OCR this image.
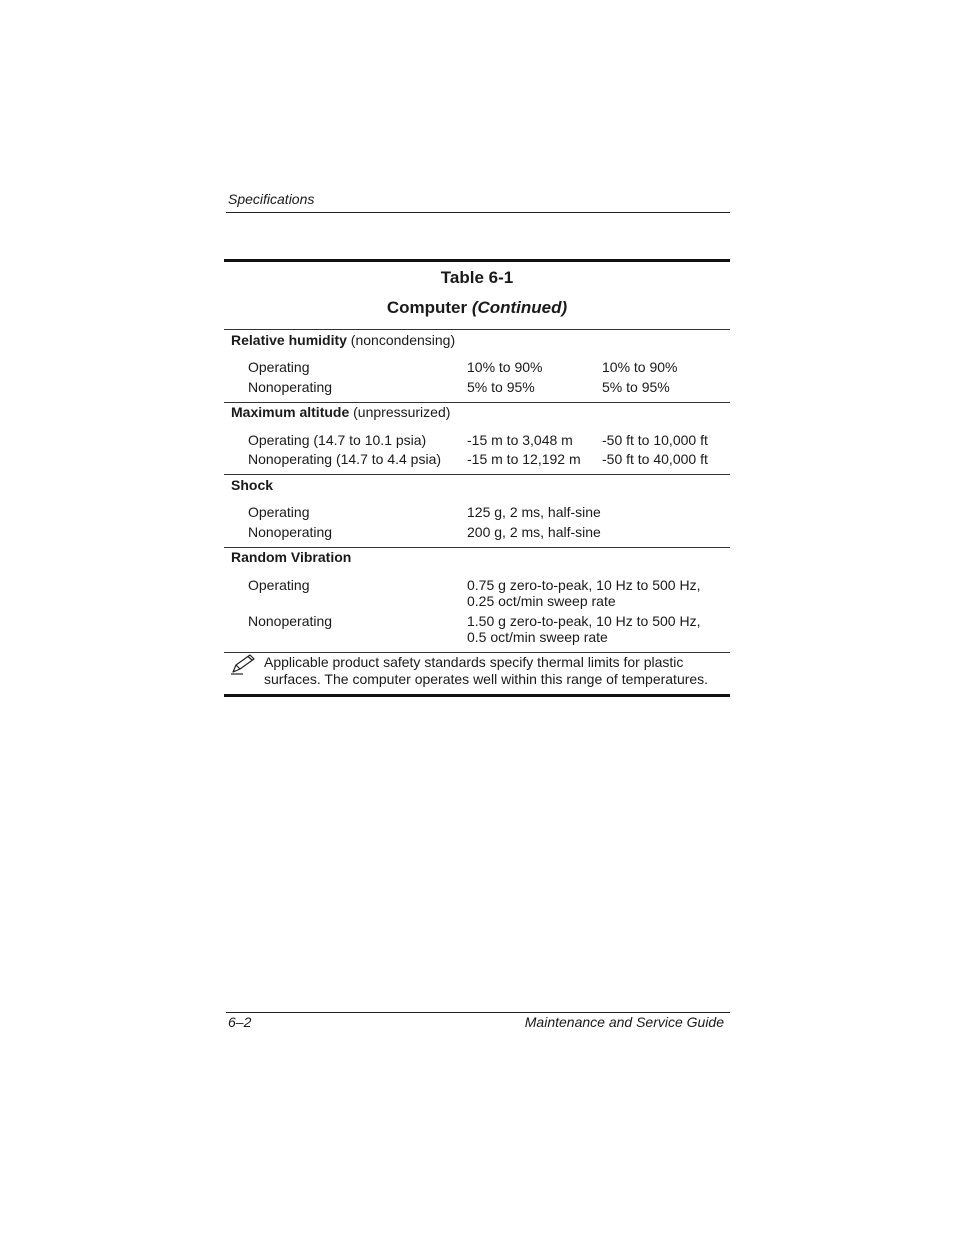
Specifications
Table 6-1
Computer (Continued)
Relative humidity (noncondensing)
Operating	10% to 90%	10% to 90%
Nonoperating	5% to 95%	5% to 95%
Maximum altitude (unpressurized)
Operating (14.7 to 10.1 psia)	-15 m to 3,048 m -50 ft to 10,000 ft
Nonoperating (14.7 to 4.4 psia) -15 m to 12,192 m -50 ft to 40,000 ft
Shock
Operating	125 g, 2 ms, half-sine
Nonoperating	200 g, 2 ms, half-sine
Random Vibration
Operating	0.75 g zero-to-peak, 10 Hz to 500 Hz,
0.25 oct/min sweep rate
Nonoperating	1.50 g zero-to-peak, 10 Hz to 500 Hz,
0.5 oct/min sweep rate
Applicable product safety standards specify thermal limits for plastic surfaces. The computer operates well within this range of temperatures.
6–2	Maintenance and Service Guide
